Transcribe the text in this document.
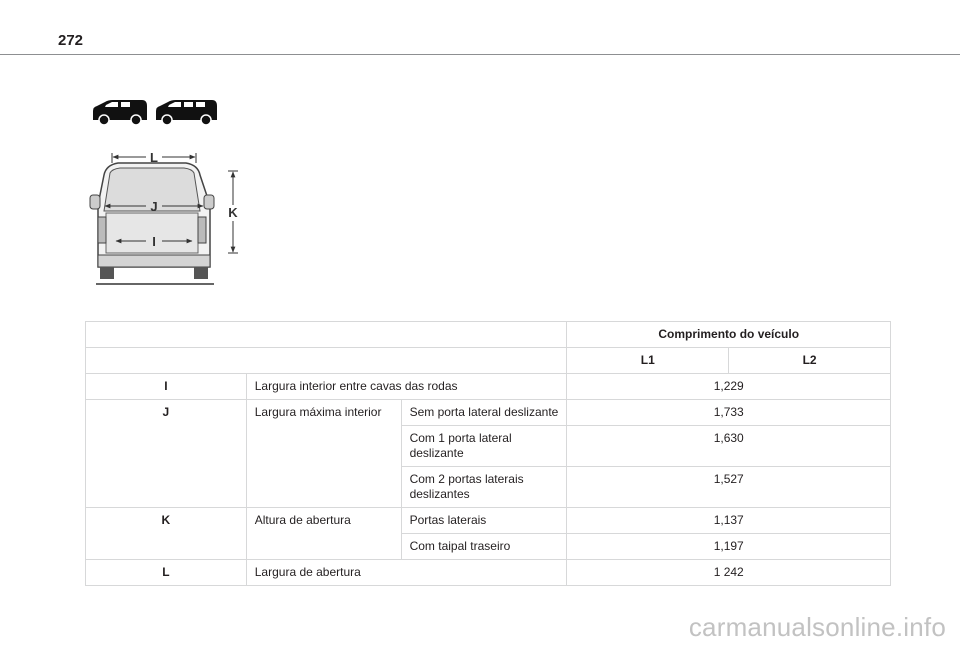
272
L
J
I
K
			Comprimento do veículo	
			L1	L2
I	Largura interior entre cavas das rodas		1,229	
J	Largura máxima interior	Sem porta lateral deslizante	1,733	
		Com 1 porta lateral deslizante	1,630	
		Com 2 portas laterais deslizantes	1,527	
K	Altura de abertura	Portas laterais	1,137	
		Com taipal traseiro	1,197	
L	Largura de abertura		1 242	
carmanualsonline.info
